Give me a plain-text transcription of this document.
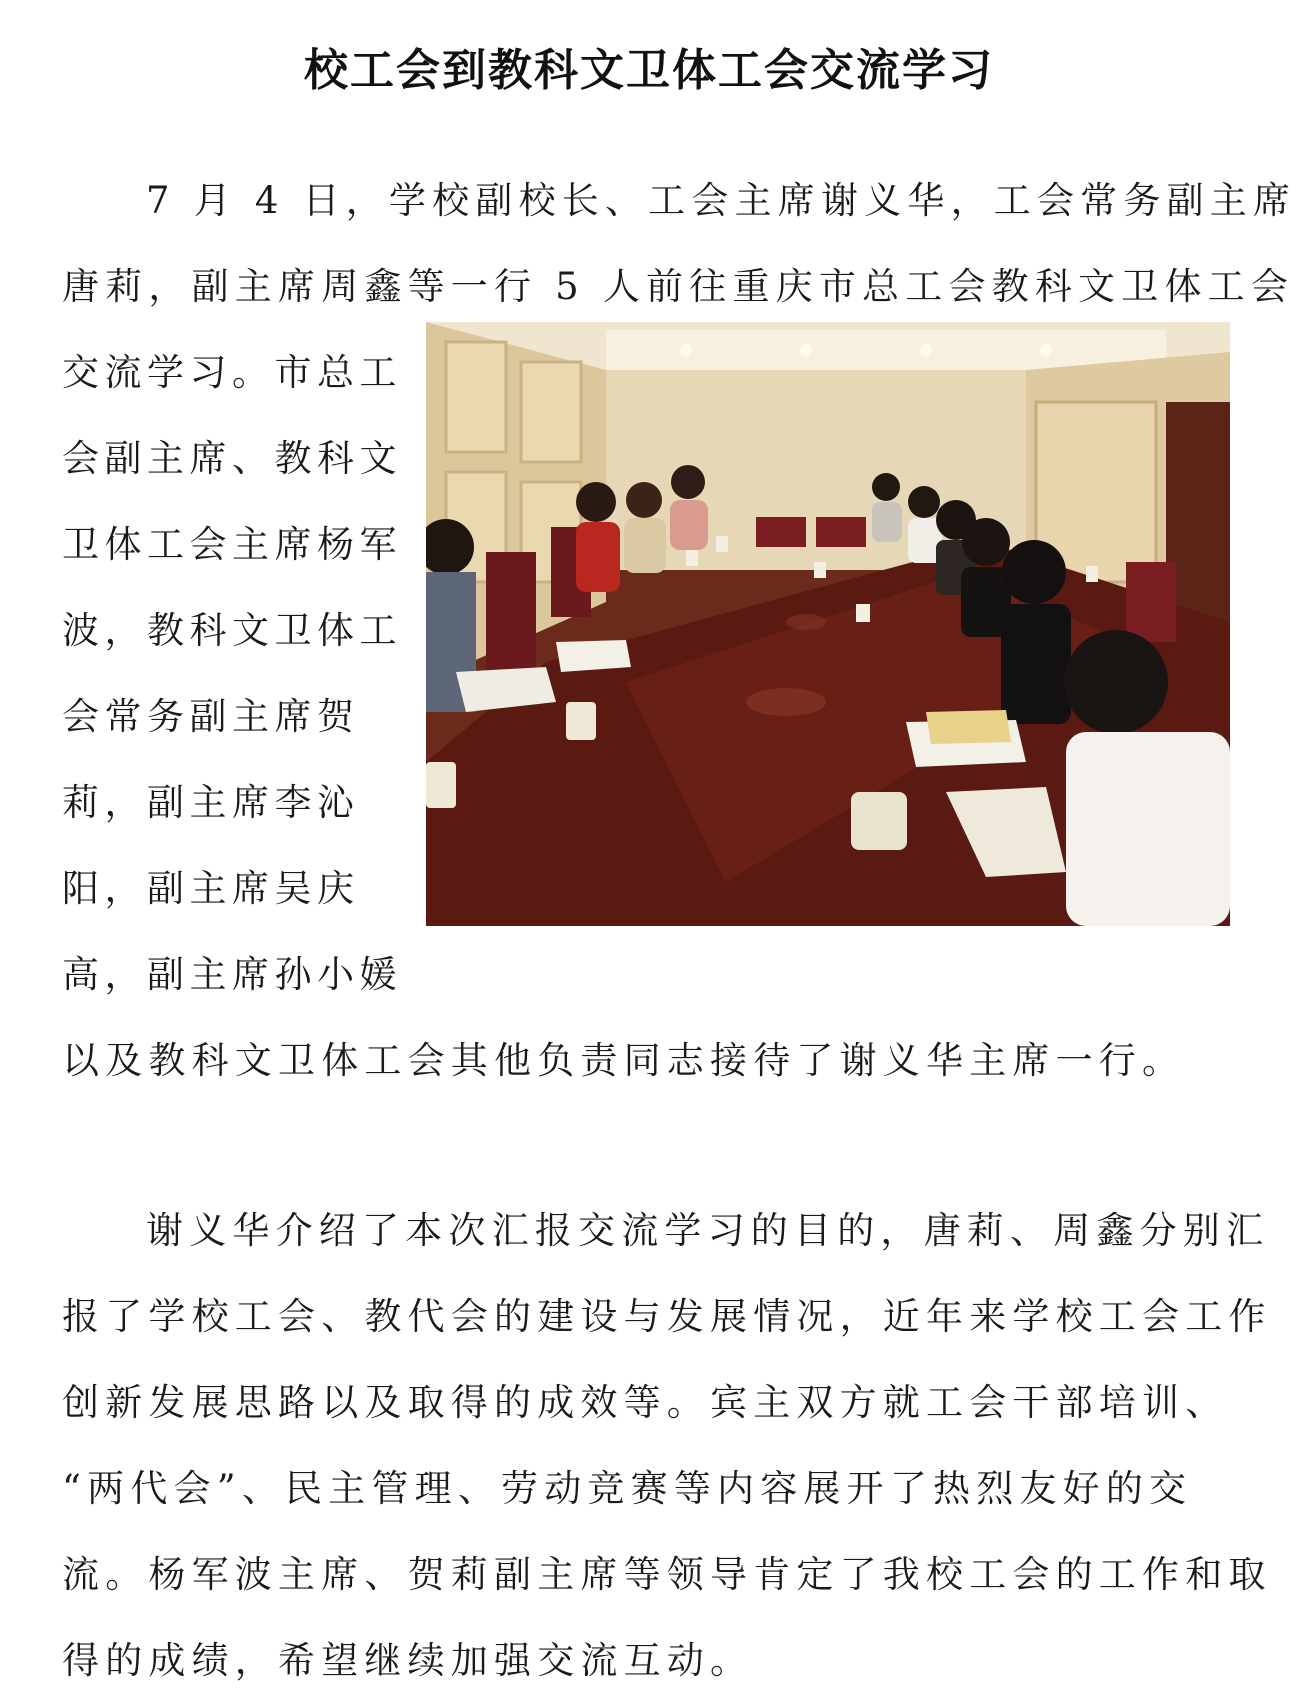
校工会到教科文卫体工会交流学习
7 月 4 日，学校副校长、工会主席谢义华，工会常务副主席
唐莉，副主席周鑫等一行 5 人前往重庆市总工会教科文卫体工会
交流学习。市总工
会副主席、教科文
卫体工会主席杨军
波，教科文卫体工
会常务副主席贺
莉，副主席李沁
阳，副主席吴庆
高，副主席孙小媛
以及教科文卫体工会其他负责同志接待了谢义华主席一行。
谢义华介绍了本次汇报交流学习的目的，唐莉、周鑫分别汇
报了学校工会、教代会的建设与发展情况，近年来学校工会工作
创新发展思路以及取得的成效等。宾主双方就工会干部培训、
“两代会”、民主管理、劳动竞赛等内容展开了热烈友好的交
流。杨军波主席、贺莉副主席等领导肯定了我校工会的工作和取
得的成绩，希望继续加强交流互动。
